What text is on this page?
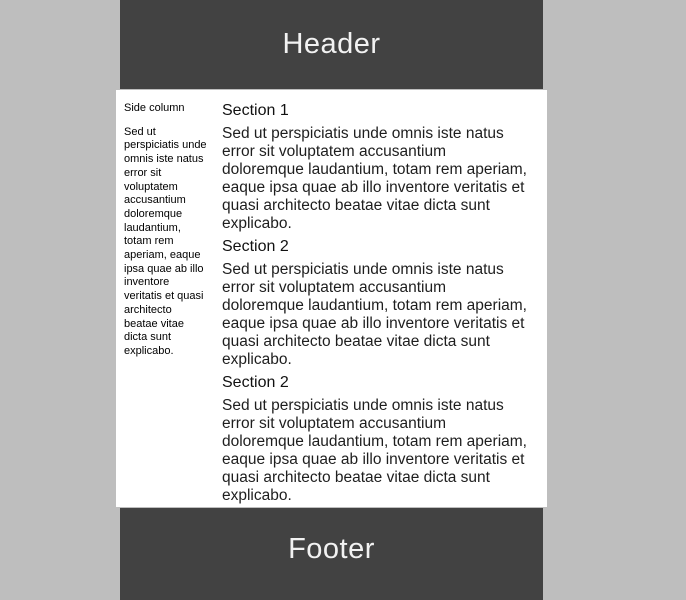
Header

Side column

Sed ut perspiciatis unde omnis iste natus error sit voluptatem accusantium doloremque laudantium, totam rem aperiam, eaque ipsa quae ab illo inventore veritatis et quasi architecto beatae vitae dicta sunt explicabo.

Section 1

Sed ut perspiciatis unde omnis iste natus error sit voluptatem accusantium doloremque laudantium, totam rem aperiam, eaque ipsa quae ab illo inventore veritatis et quasi architecto beatae vitae dicta sunt explicabo.

Section 2

Sed ut perspiciatis unde omnis iste natus error sit voluptatem accusantium doloremque laudantium, totam rem aperiam, eaque ipsa quae ab illo inventore veritatis et quasi architecto beatae vitae dicta sunt explicabo.

Section 2

Sed ut perspiciatis unde omnis iste natus error sit voluptatem accusantium doloremque laudantium, totam rem aperiam, eaque ipsa quae ab illo inventore veritatis et quasi architecto beatae vitae dicta sunt explicabo.

Footer
